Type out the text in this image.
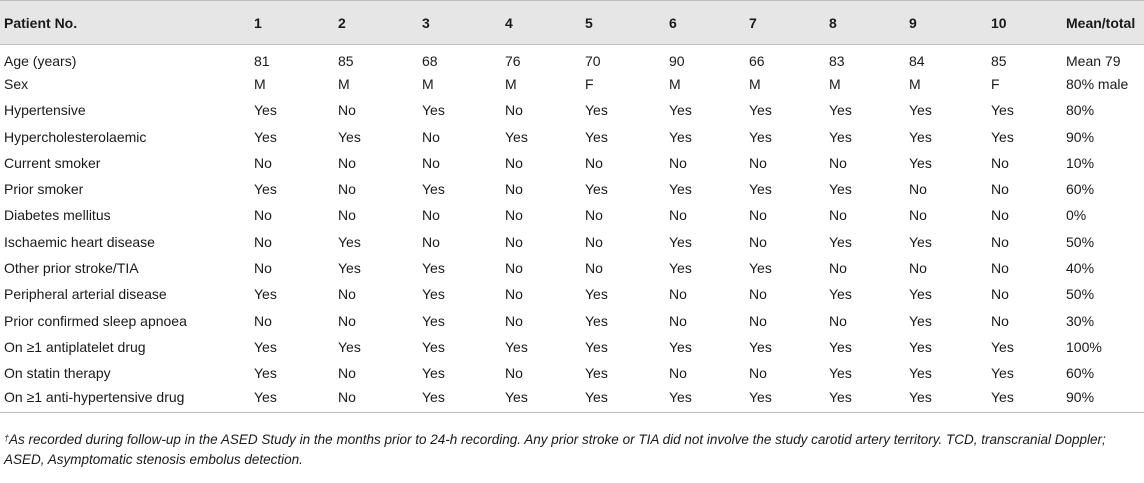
Patient No.	1	2	3	4	5	6	7	8	9	10	Mean/total
Age (years)	81	85	68	76	70	90	66	83	84	85	Mean 79
Sex	M	M	M	M	F	M	M	M	M	F	80% male
Hypertensive	Yes	No	Yes	No	Yes	Yes	Yes	Yes	Yes	Yes	80%
Hypercholesterolaemic	Yes	Yes	No	Yes	Yes	Yes	Yes	Yes	Yes	Yes	90%
Current smoker	No	No	No	No	No	No	No	No	Yes	No	10%
Prior smoker	Yes	No	Yes	No	Yes	Yes	Yes	Yes	No	No	60%
Diabetes mellitus	No	No	No	No	No	No	No	No	No	No	0%
Ischaemic heart disease	No	Yes	No	No	No	Yes	No	Yes	Yes	No	50%
Other prior stroke/TIA	No	Yes	Yes	No	No	Yes	Yes	No	No	No	40%
Peripheral arterial disease	Yes	No	Yes	No	Yes	No	No	Yes	Yes	No	50%
Prior confirmed sleep apnoea	No	No	Yes	No	Yes	No	No	No	Yes	No	30%
On ≥1 antiplatelet drug	Yes	Yes	Yes	Yes	Yes	Yes	Yes	Yes	Yes	Yes	100%
On statin therapy	Yes	No	Yes	No	Yes	No	No	Yes	Yes	Yes	60%
On ≥1 anti-hypertensive drug	Yes	No	Yes	Yes	Yes	Yes	Yes	Yes	Yes	Yes	90%
†As recorded during follow-up in the ASED Study in the months prior to 24-h recording. Any prior stroke or TIA did not involve the study carotid artery territory. TCD, transcranial Doppler; ASED, Asymptomatic stenosis embolus detection.
